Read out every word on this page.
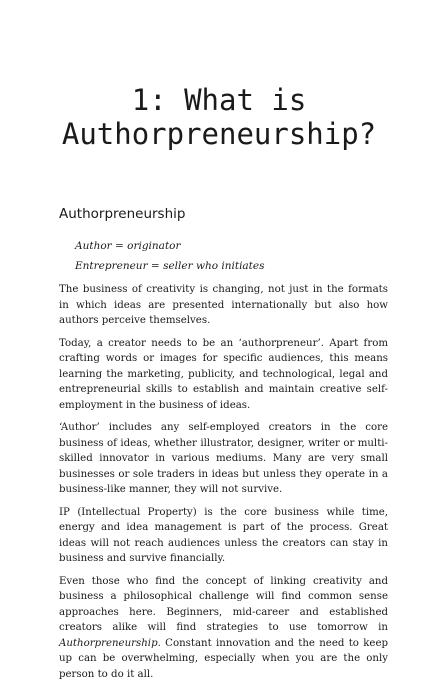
1: What is
Authorpreneurship?
Authorpreneurship
Author = originator
Entrepreneur = seller who initiates

The business of creativity is changing, not just in the formats in which ideas are presented internationally but also how authors perceive themselves.

Today, a creator needs to be an ‘authorpreneur’. Apart from crafting words or images for specific audiences, this means learning the marketing, publicity, and technological, legal and entrepreneurial skills to establish and maintain creative self-employment in the business of ideas.

‘Author’ includes any self-employed creators in the core business of ideas, whether illustrator, designer, writer or multi-skilled innovator in various mediums. Many are very small businesses or sole traders in ideas but unless they operate in a business-like manner, they will not survive.

IP (Intellectual Property) is the core business while time, energy and idea management is part of the process. Great ideas will not reach audiences unless the creators can stay in business and survive financially.

Even those who find the concept of linking creativity and business a philosophical challenge will find common sense approaches here. Beginners, mid-career and established creators alike will find strategies to use tomorrow in Authorpreneurship. Constant innovation and the need to keep up can be overwhelming, especially when you are the only person to do it all.
